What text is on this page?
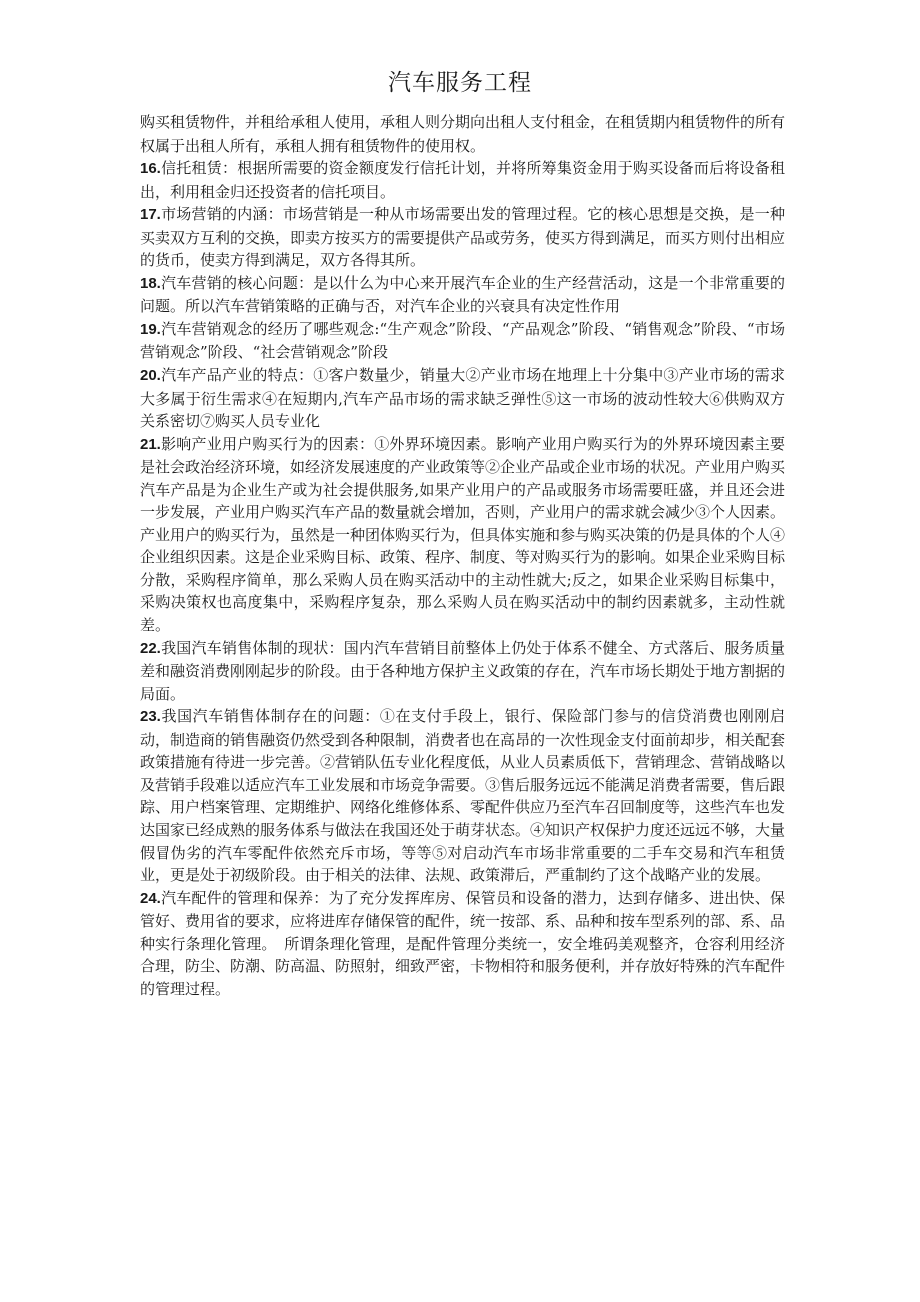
汽车服务工程

购买租赁物件，并租给承租人使用，承租人则分期向出租人支付租金，在租赁期内租赁物件的所有权属于出租人所有，承租人拥有租赁物件的使用权。

16.信托租赁：根据所需要的资金额度发行信托计划，并将所筹集资金用于购买设备而后将设备租出，利用租金归还投资者的信托项目。

17.市场营销的内涵：市场营销是一种从市场需要出发的管理过程。它的核心思想是交换，是一种买卖双方互利的交换，即卖方按买方的需要提供产品或劳务，使买方得到满足，而买方则付出相应的货币，使卖方得到满足，双方各得其所。

18.汽车营销的核心问题：是以什么为中心来开展汽车企业的生产经营活动，这是一个非常重要的问题。所以汽车营销策略的正确与否，对汽车企业的兴衰具有决定性作用

19.汽车营销观念的经历了哪些观念:“生产观念”阶段、“产品观念”阶段、“销售观念”阶段、“市场营销观念”阶段、“社会营销观念”阶段

20.汽车产品产业的特点：①客户数量少，销量大②产业市场在地理上十分集中③产业市场的需求大多属于衍生需求④在短期内,汽车产品市场的需求缺乏弹性⑤这一市场的波动性较大⑥供购双方关系密切⑦购买人员专业化

21.影响产业用户购买行为的因素：①外界环境因素。影响产业用户购买行为的外界环境因素主要是社会政治经济环境，如经济发展速度的产业政策等②企业产品或企业市场的状况。产业用户购买汽车产品是为企业生产或为社会提供服务,如果产业用户的产品或服务市场需要旺盛，并且还会进一步发展，产业用户购买汽车产品的数量就会增加，否则，产业用户的需求就会减少③个人因素。产业用户的购买行为，虽然是一种团体购买行为，但具体实施和参与购买决策的仍是具体的个人④企业组织因素。这是企业采购目标、政策、程序、制度、等对购买行为的影响。如果企业采购目标分散，采购程序简单，那么采购人员在购买活动中的主动性就大;反之，如果企业采购目标集中，采购决策权也高度集中，采购程序复杂，那么采购人员在购买活动中的制约因素就多，主动性就差。

22.我国汽车销售体制的现状：国内汽车营销目前整体上仍处于体系不健全、方式落后、服务质量差和融资消费刚刚起步的阶段。由于各种地方保护主义政策的存在，汽车市场长期处于地方割据的局面。

23.我国汽车销售体制存在的问题：①在支付手段上，银行、保险部门参与的信贷消费也刚刚启动，制造商的销售融资仍然受到各种限制，消费者也在高昂的一次性现金支付面前却步，相关配套政策措施有待进一步完善。②营销队伍专业化程度低，从业人员素质低下，营销理念、营销战略以及营销手段难以适应汽车工业发展和市场竞争需要。③售后服务远远不能满足消费者需要，售后跟踪、用户档案管理、定期维护、网络化维修体系、零配件供应乃至汽车召回制度等，这些汽车也发达国家已经成熟的服务体系与做法在我国还处于萌芽状态。④知识产权保护力度还远远不够，大量假冒伪劣的汽车零配件依然充斥市场，等等⑤对启动汽车市场非常重要的二手车交易和汽车租赁业，更是处于初级阶段。由于相关的法律、法规、政策滞后，严重制约了这个战略产业的发展。

24.汽车配件的管理和保养：为了充分发挥库房、保管员和设备的潜力，达到存储多、进出快、保管好、费用省的要求，应将进库存储保管的配件，统一按部、系、品种和按车型系列的部、系、品种实行条理化管理。　所谓条理化管理，是配件管理分类统一，安全堆码美观整齐，仓容利用经济合理，防尘、防潮、防高温、防照射，细致严密，卡物相符和服务便利，并存放好特殊的汽车配件的管理过程。
